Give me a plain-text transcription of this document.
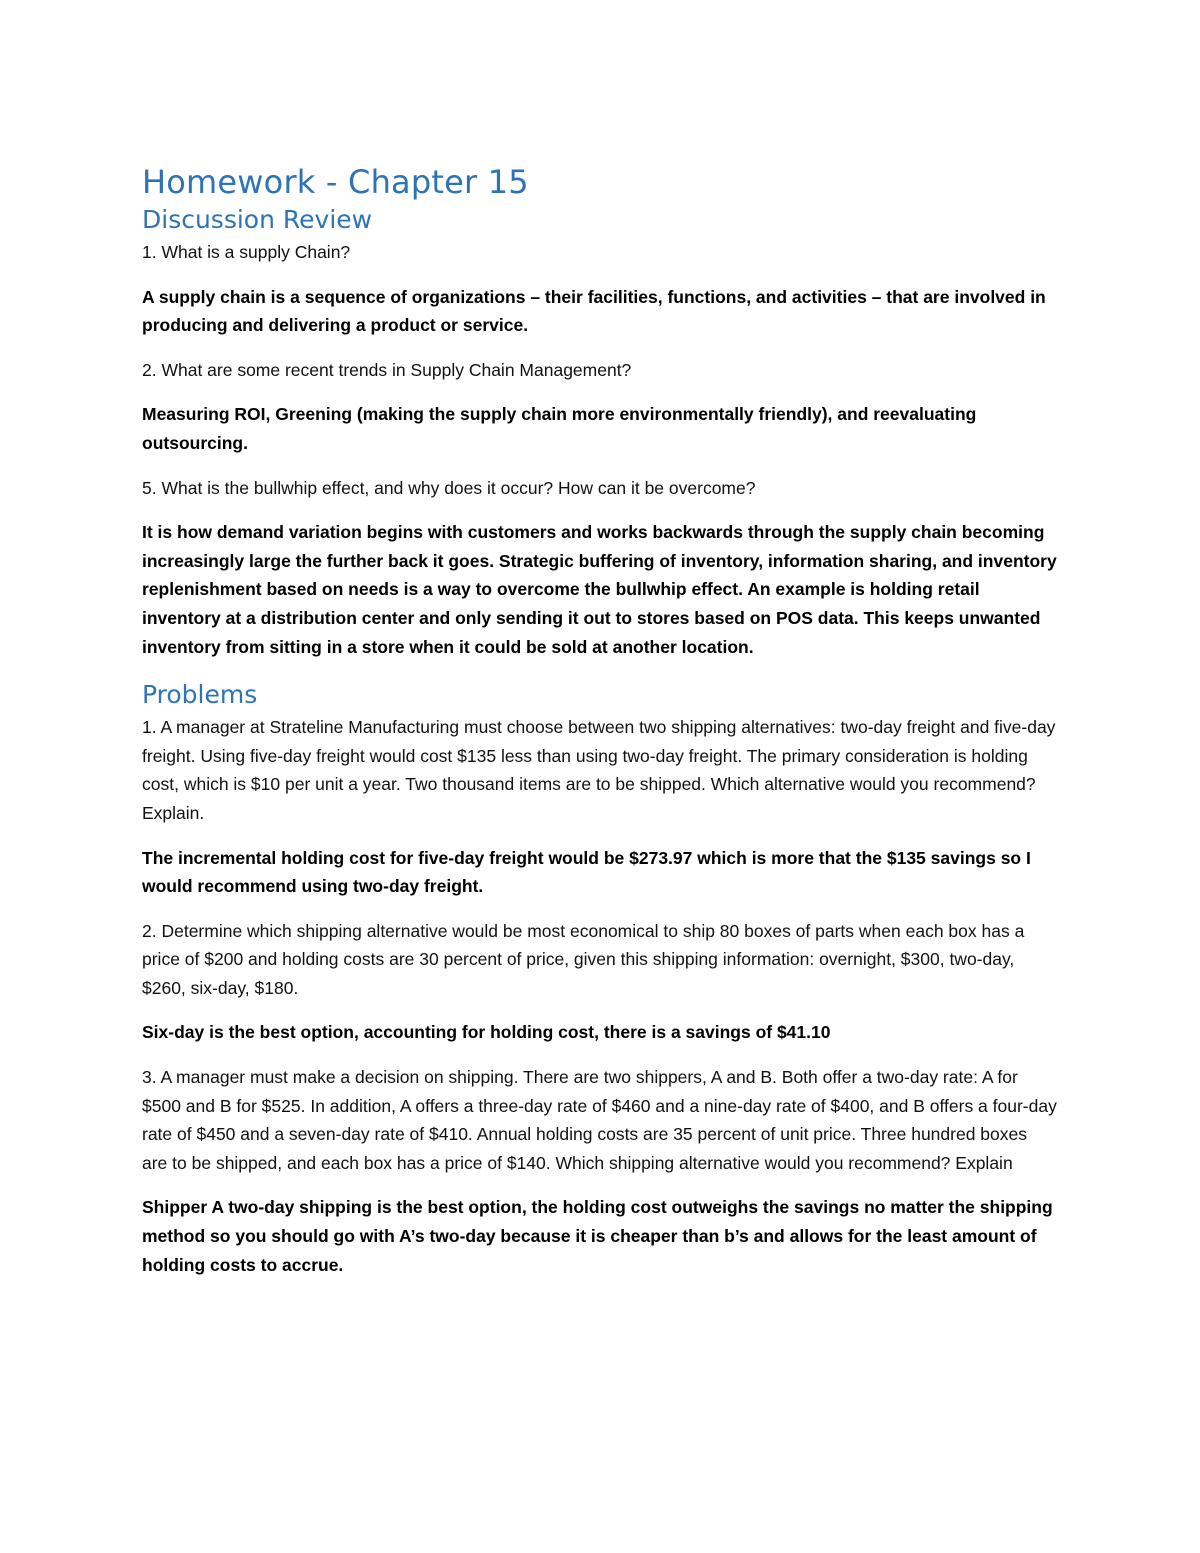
Homework - Chapter 15
Discussion Review

1. What is a supply Chain?

A supply chain is a sequence of organizations – their facilities, functions, and activities – that are involved in producing and delivering a product or service.

2. What are some recent trends in Supply Chain Management?

Measuring ROI, Greening (making the supply chain more environmentally friendly), and reevaluating outsourcing.

5. What is the bullwhip effect, and why does it occur? How can it be overcome?

It is how demand variation begins with customers and works backwards through the supply chain becoming increasingly large the further back it goes. Strategic buffering of inventory, information sharing, and inventory replenishment based on needs is a way to overcome the bullwhip effect. An example is holding retail inventory at a distribution center and only sending it out to stores based on POS data. This keeps unwanted inventory from sitting in a store when it could be sold at another location.

Problems

1. A manager at Strateline Manufacturing must choose between two shipping alternatives: two-day freight and five-day freight. Using five-day freight would cost $135 less than using two-day freight. The primary consideration is holding cost, which is $10 per unit a year. Two thousand items are to be shipped. Which alternative would you recommend? Explain.

The incremental holding cost for five-day freight would be $273.97 which is more that the $135 savings so I would recommend using two-day freight.

2. Determine which shipping alternative would be most economical to ship 80 boxes of parts when each box has a price of $200 and holding costs are 30 percent of price, given this shipping information: overnight, $300, two-day, $260, six-day, $180.

Six-day is the best option, accounting for holding cost, there is a savings of $41.10

3. A manager must make a decision on shipping. There are two shippers, A and B. Both offer a two-day rate: A for $500 and B for $525. In addition, A offers a three-day rate of $460 and a nine-day rate of $400, and B offers a four-day rate of $450 and a seven-day rate of $410. Annual holding costs are 35 percent of unit price. Three hundred boxes are to be shipped, and each box has a price of $140. Which shipping alternative would you recommend? Explain

Shipper A two-day shipping is the best option, the holding cost outweighs the savings no matter the shipping method so you should go with A’s two-day because it is cheaper than b’s and allows for the least amount of holding costs to accrue.
